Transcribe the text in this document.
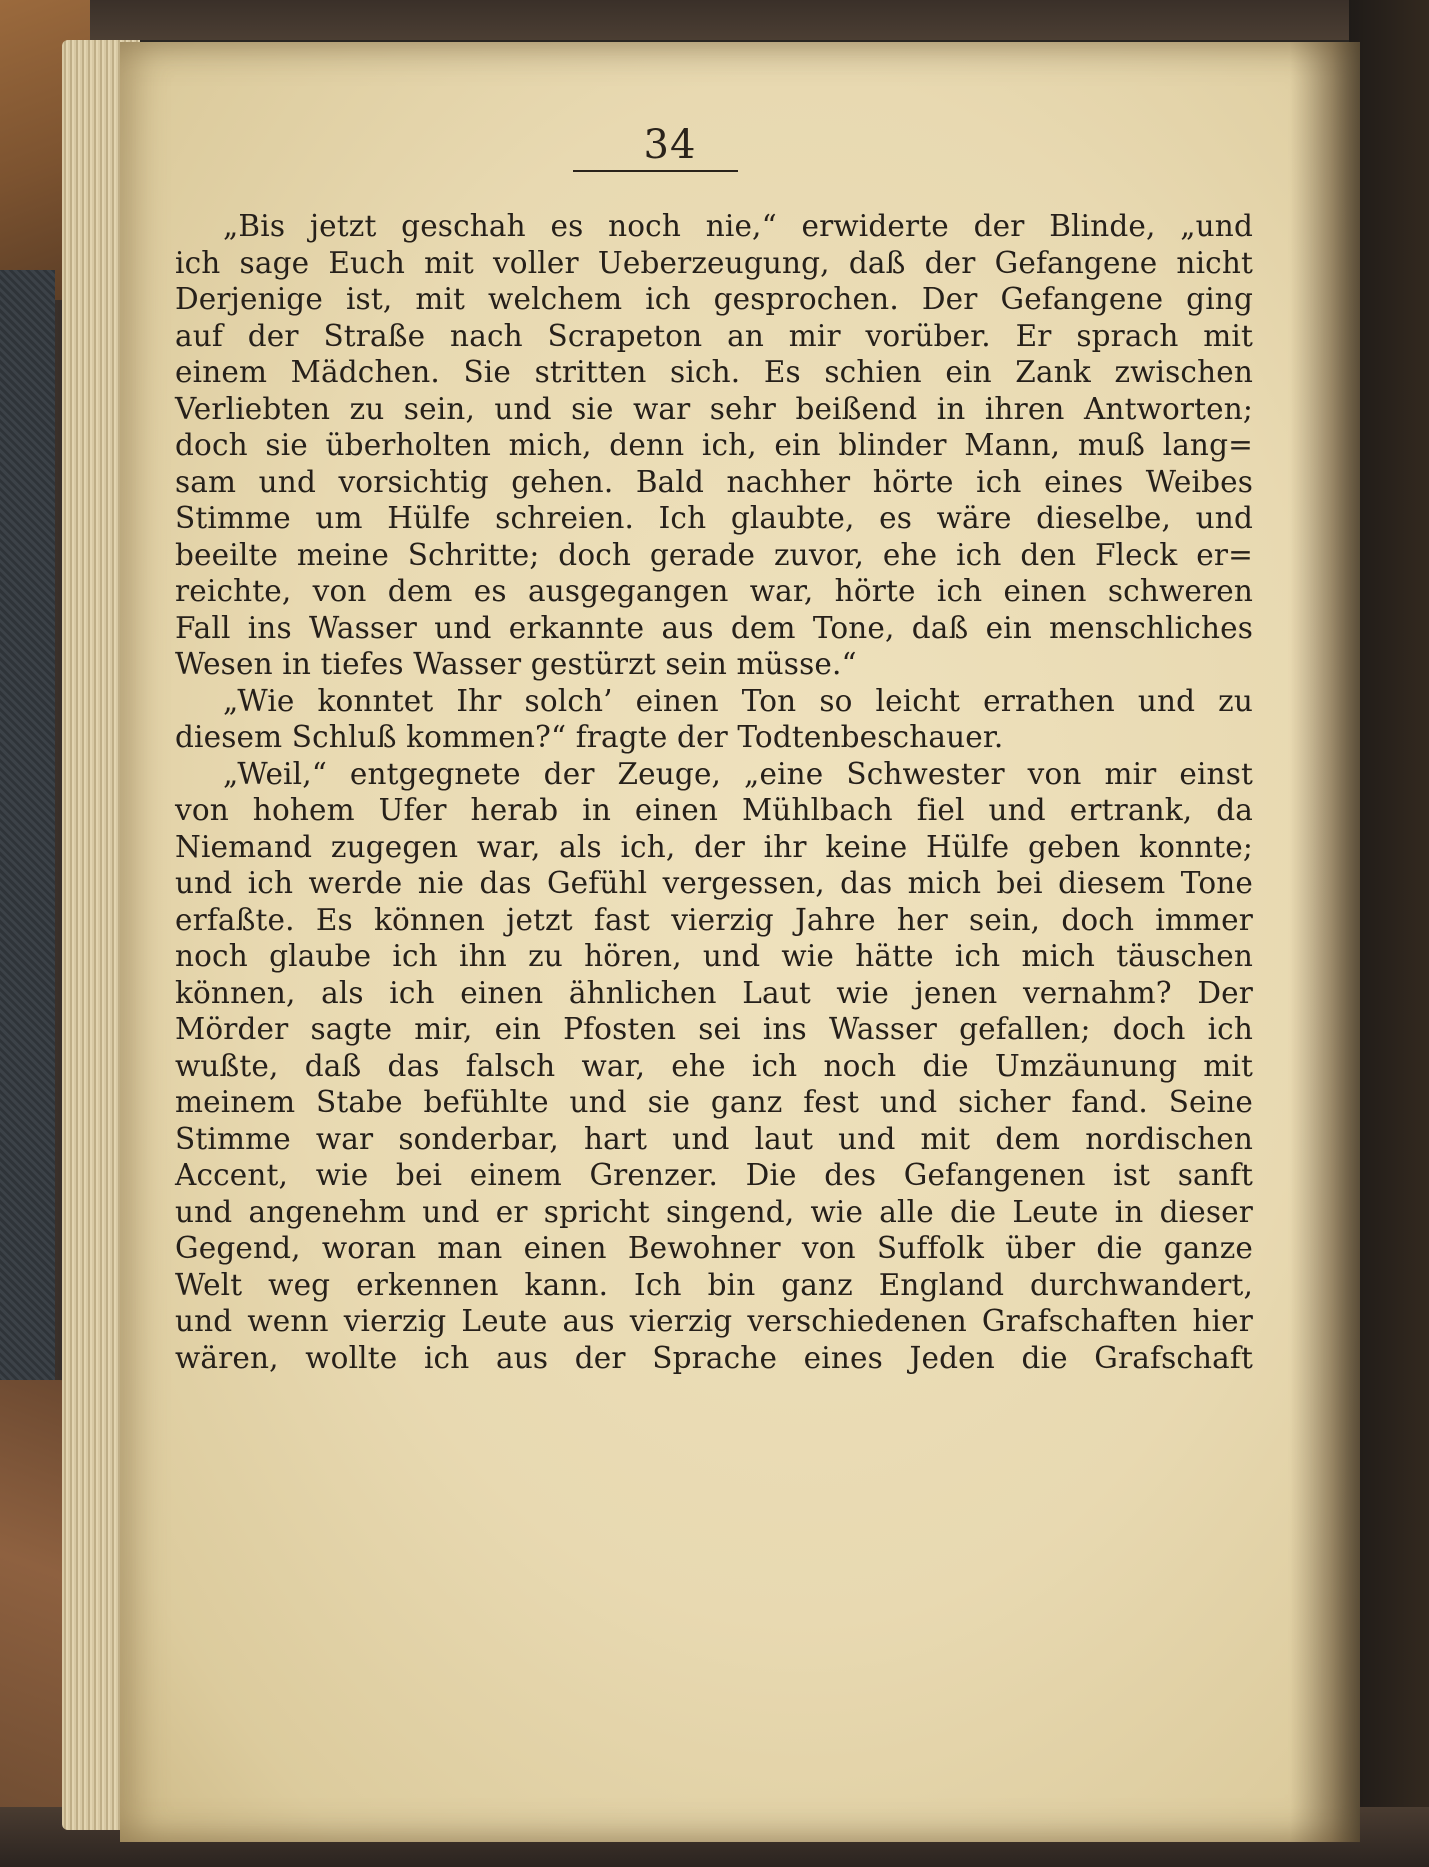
34
„Bis jetzt geschah es noch nie,“ erwiderte der Blinde, „und
ich sage Euch mit voller Ueberzeugung, daß der Gefangene nicht
Derjenige ist, mit welchem ich gesprochen. Der Gefangene ging
auf der Straße nach Scrapeton an mir vorüber. Er sprach mit
einem Mädchen. Sie stritten sich. Es schien ein Zank zwischen
Verliebten zu sein, und sie war sehr beißend in ihren Antworten;
doch sie überholten mich, denn ich, ein blinder Mann, muß lang=
sam und vorsichtig gehen. Bald nachher hörte ich eines Weibes
Stimme um Hülfe schreien. Ich glaubte, es wäre dieselbe, und
beeilte meine Schritte; doch gerade zuvor, ehe ich den Fleck er=
reichte, von dem es ausgegangen war, hörte ich einen schweren
Fall ins Wasser und erkannte aus dem Tone, daß ein menschliches
Wesen in tiefes Wasser gestürzt sein müsse.“
„Wie konntet Ihr solch’ einen Ton so leicht errathen und zu
diesem Schluß kommen?“ fragte der Todtenbeschauer.
„Weil,“ entgegnete der Zeuge, „eine Schwester von mir einst
von hohem Ufer herab in einen Mühlbach fiel und ertrank, da
Niemand zugegen war, als ich, der ihr keine Hülfe geben konnte;
und ich werde nie das Gefühl vergessen, das mich bei diesem Tone
erfaßte. Es können jetzt fast vierzig Jahre her sein, doch immer
noch glaube ich ihn zu hören, und wie hätte ich mich täuschen
können, als ich einen ähnlichen Laut wie jenen vernahm? Der
Mörder sagte mir, ein Pfosten sei ins Wasser gefallen; doch ich
wußte, daß das falsch war, ehe ich noch die Umzäunung mit
meinem Stabe befühlte und sie ganz fest und sicher fand. Seine
Stimme war sonderbar, hart und laut und mit dem nordischen
Accent, wie bei einem Grenzer. Die des Gefangenen ist sanft
und angenehm und er spricht singend, wie alle die Leute in dieser
Gegend, woran man einen Bewohner von Suffolk über die ganze
Welt weg erkennen kann. Ich bin ganz England durchwandert,
und wenn vierzig Leute aus vierzig verschiedenen Grafschaften hier
wären, wollte ich aus der Sprache eines Jeden die Grafschaft
